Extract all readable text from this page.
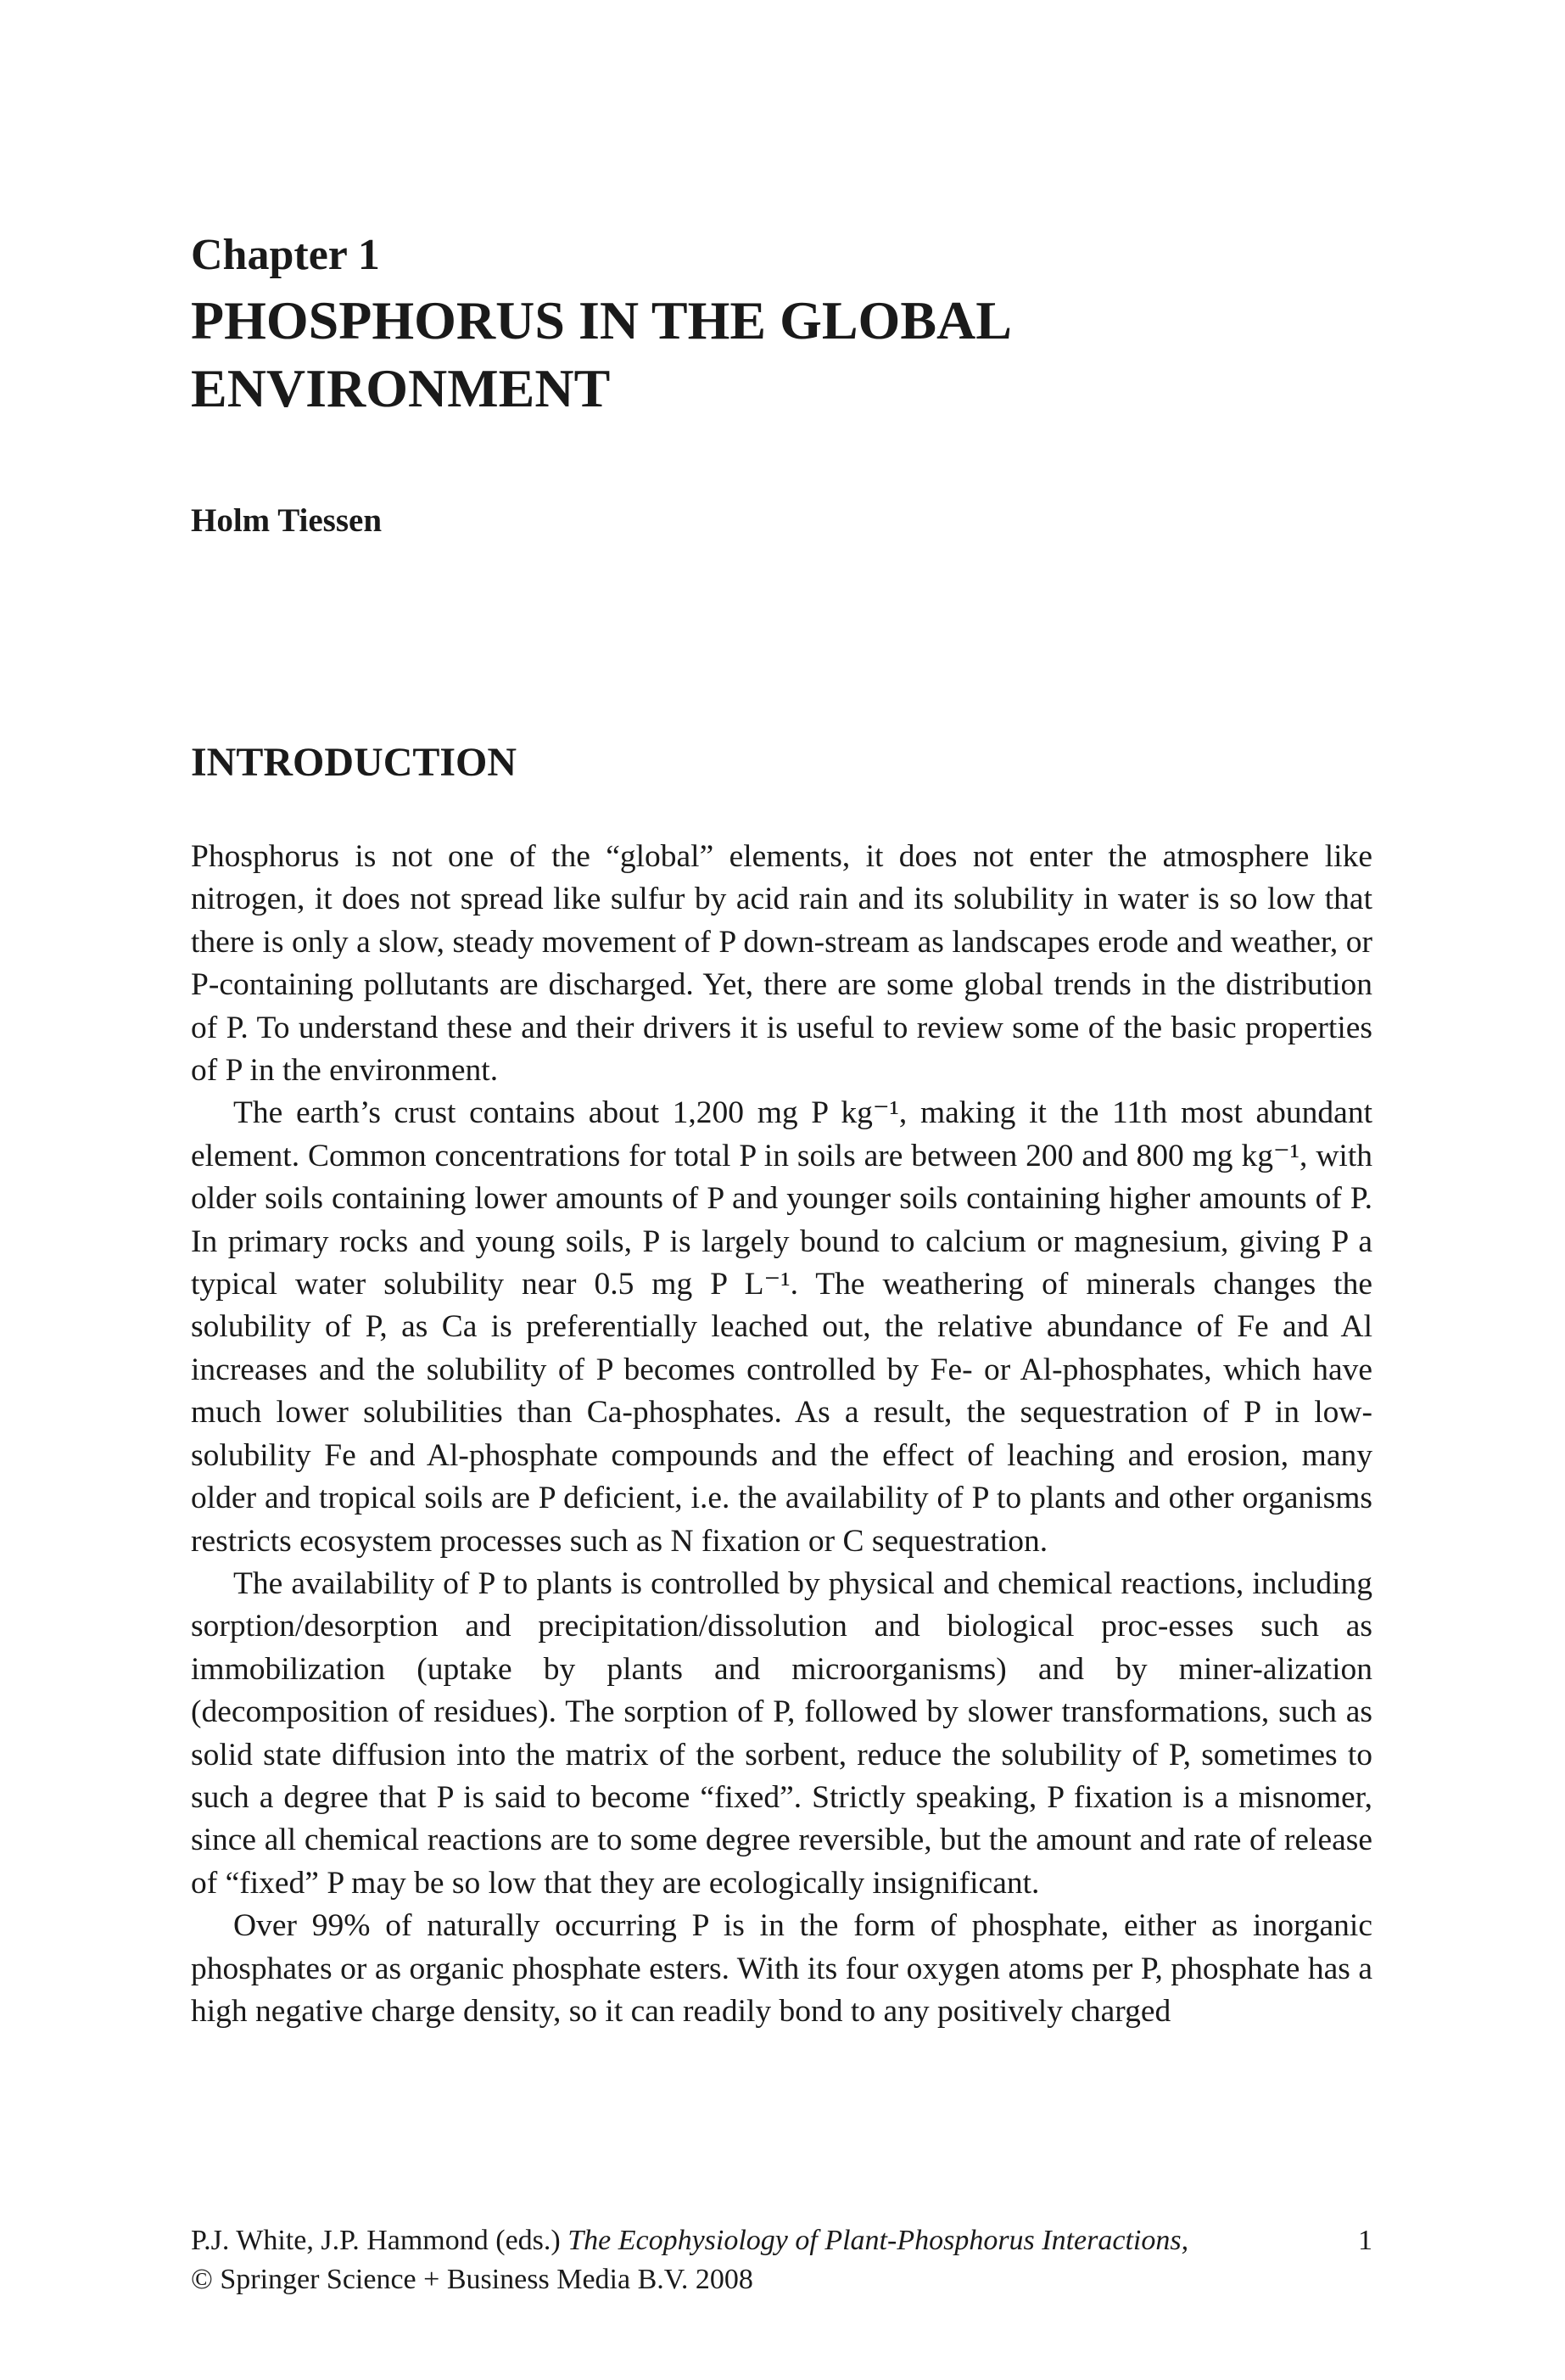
Chapter 1
PHOSPHORUS IN THE GLOBAL
ENVIRONMENT

Holm Tiessen

INTRODUCTION

Phosphorus is not one of the “global” elements, it does not enter the atmosphere like nitrogen, it does not spread like sulfur by acid rain and its solubility in water is so low that there is only a slow, steady movement of P down-stream as landscapes erode and weather, or P-containing pollutants are discharged. Yet, there are some global trends in the distribution of P. To understand these and their drivers it is useful to review some of the basic properties of P in the environment.

The earth’s crust contains about 1,200 mg P kg⁻¹, making it the 11th most abundant element. Common concentrations for total P in soils are between 200 and 800 mg kg⁻¹, with older soils containing lower amounts of P and younger soils containing higher amounts of P. In primary rocks and young soils, P is largely bound to calcium or magnesium, giving P a typical water solubility near 0.5 mg P L⁻¹. The weathering of minerals changes the solubility of P, as Ca is preferentially leached out, the relative abundance of Fe and Al increases and the solubility of P becomes controlled by Fe- or Al-phosphates, which have much lower solubilities than Ca-phosphates. As a result, the sequestration of P in low-solubility Fe and Al-phosphate compounds and the effect of leaching and erosion, many older and tropical soils are P deficient, i.e. the availability of P to plants and other organisms restricts ecosystem processes such as N fixation or C sequestration.

The availability of P to plants is controlled by physical and chemical reactions, including sorption/desorption and precipitation/dissolution and biological proc-esses such as immobilization (uptake by plants and microorganisms) and by miner-alization (decomposition of residues). The sorption of P, followed by slower transformations, such as solid state diffusion into the matrix of the sorbent, reduce the solubility of P, sometimes to such a degree that P is said to become “fixed”. Strictly speaking, P fixation is a misnomer, since all chemical reactions are to some degree reversible, but the amount and rate of release of “fixed” P may be so low that they are ecologically insignificant.

Over 99% of naturally occurring P is in the form of phosphate, either as inorganic phosphates or as organic phosphate esters. With its four oxygen atoms per P, phosphate has a high negative charge density, so it can readily bond to any positively charged

P.J. White, J.P. Hammond (eds.) The Ecophysiology of Plant-Phosphorus Interactions,	1
© Springer Science + Business Media B.V. 2008
